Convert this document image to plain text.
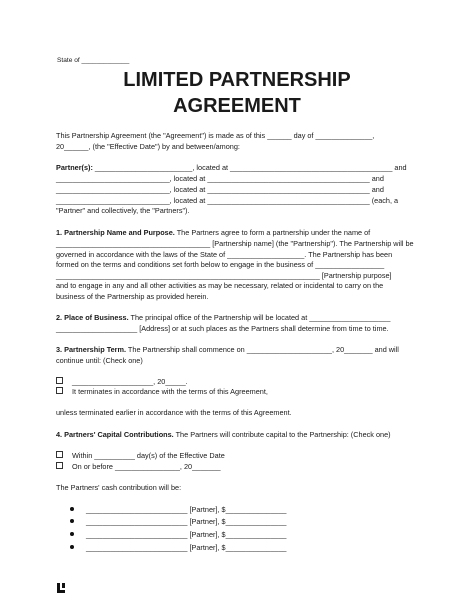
State of _____________
LIMITED PARTNERSHIP
AGREEMENT
This Partnership Agreement (the "Agreement") is made as of this ______ day of ______________,
20______, (the "Effective Date") by and between/among:
Partner(s): ________________________, located at ________________________________________ and
____________________________, located at ________________________________________ and
____________________________, located at ________________________________________ and
____________________________, located at ________________________________________ (each, a
"Partner" and collectively, the "Partners").
1. Partnership Name and Purpose. The Partners agree to form a partnership under the name of
______________________________________ [Partnership name] (the "Partnership"). The Partnership will be
governed in accordance with the laws of the State of ___________________. The Partnership has been
formed on the terms and conditions set forth below to engage in the business of _________________
_________________________________________________________________ [Partnership purpose]
and to engage in any and all other activities as may be necessary, related or incidental to carry on the
business of the Partnership as provided herein.
2. Place of Business. The principal office of the Partnership will be located at ____________________
____________________ [Address] or at such places as the Partners shall determine from time to time.
3. Partnership Term. The Partnership shall commence on _____________________, 20_______ and will
continue until: (Check one)
____________________, 20_____.
It terminates in accordance with the terms of this Agreement,
unless terminated earlier in accordance with the terms of this Agreement.
4. Partners' Capital Contributions. The Partners will contribute capital to the Partnership: (Check one)
Within __________ day(s) of the Effective Date
On or before ________________, 20_______
The Partners' cash contribution will be:
_________________________ [Partner], $_______________
_________________________ [Partner], $_______________
_________________________ [Partner], $_______________
_________________________ [Partner], $_______________
